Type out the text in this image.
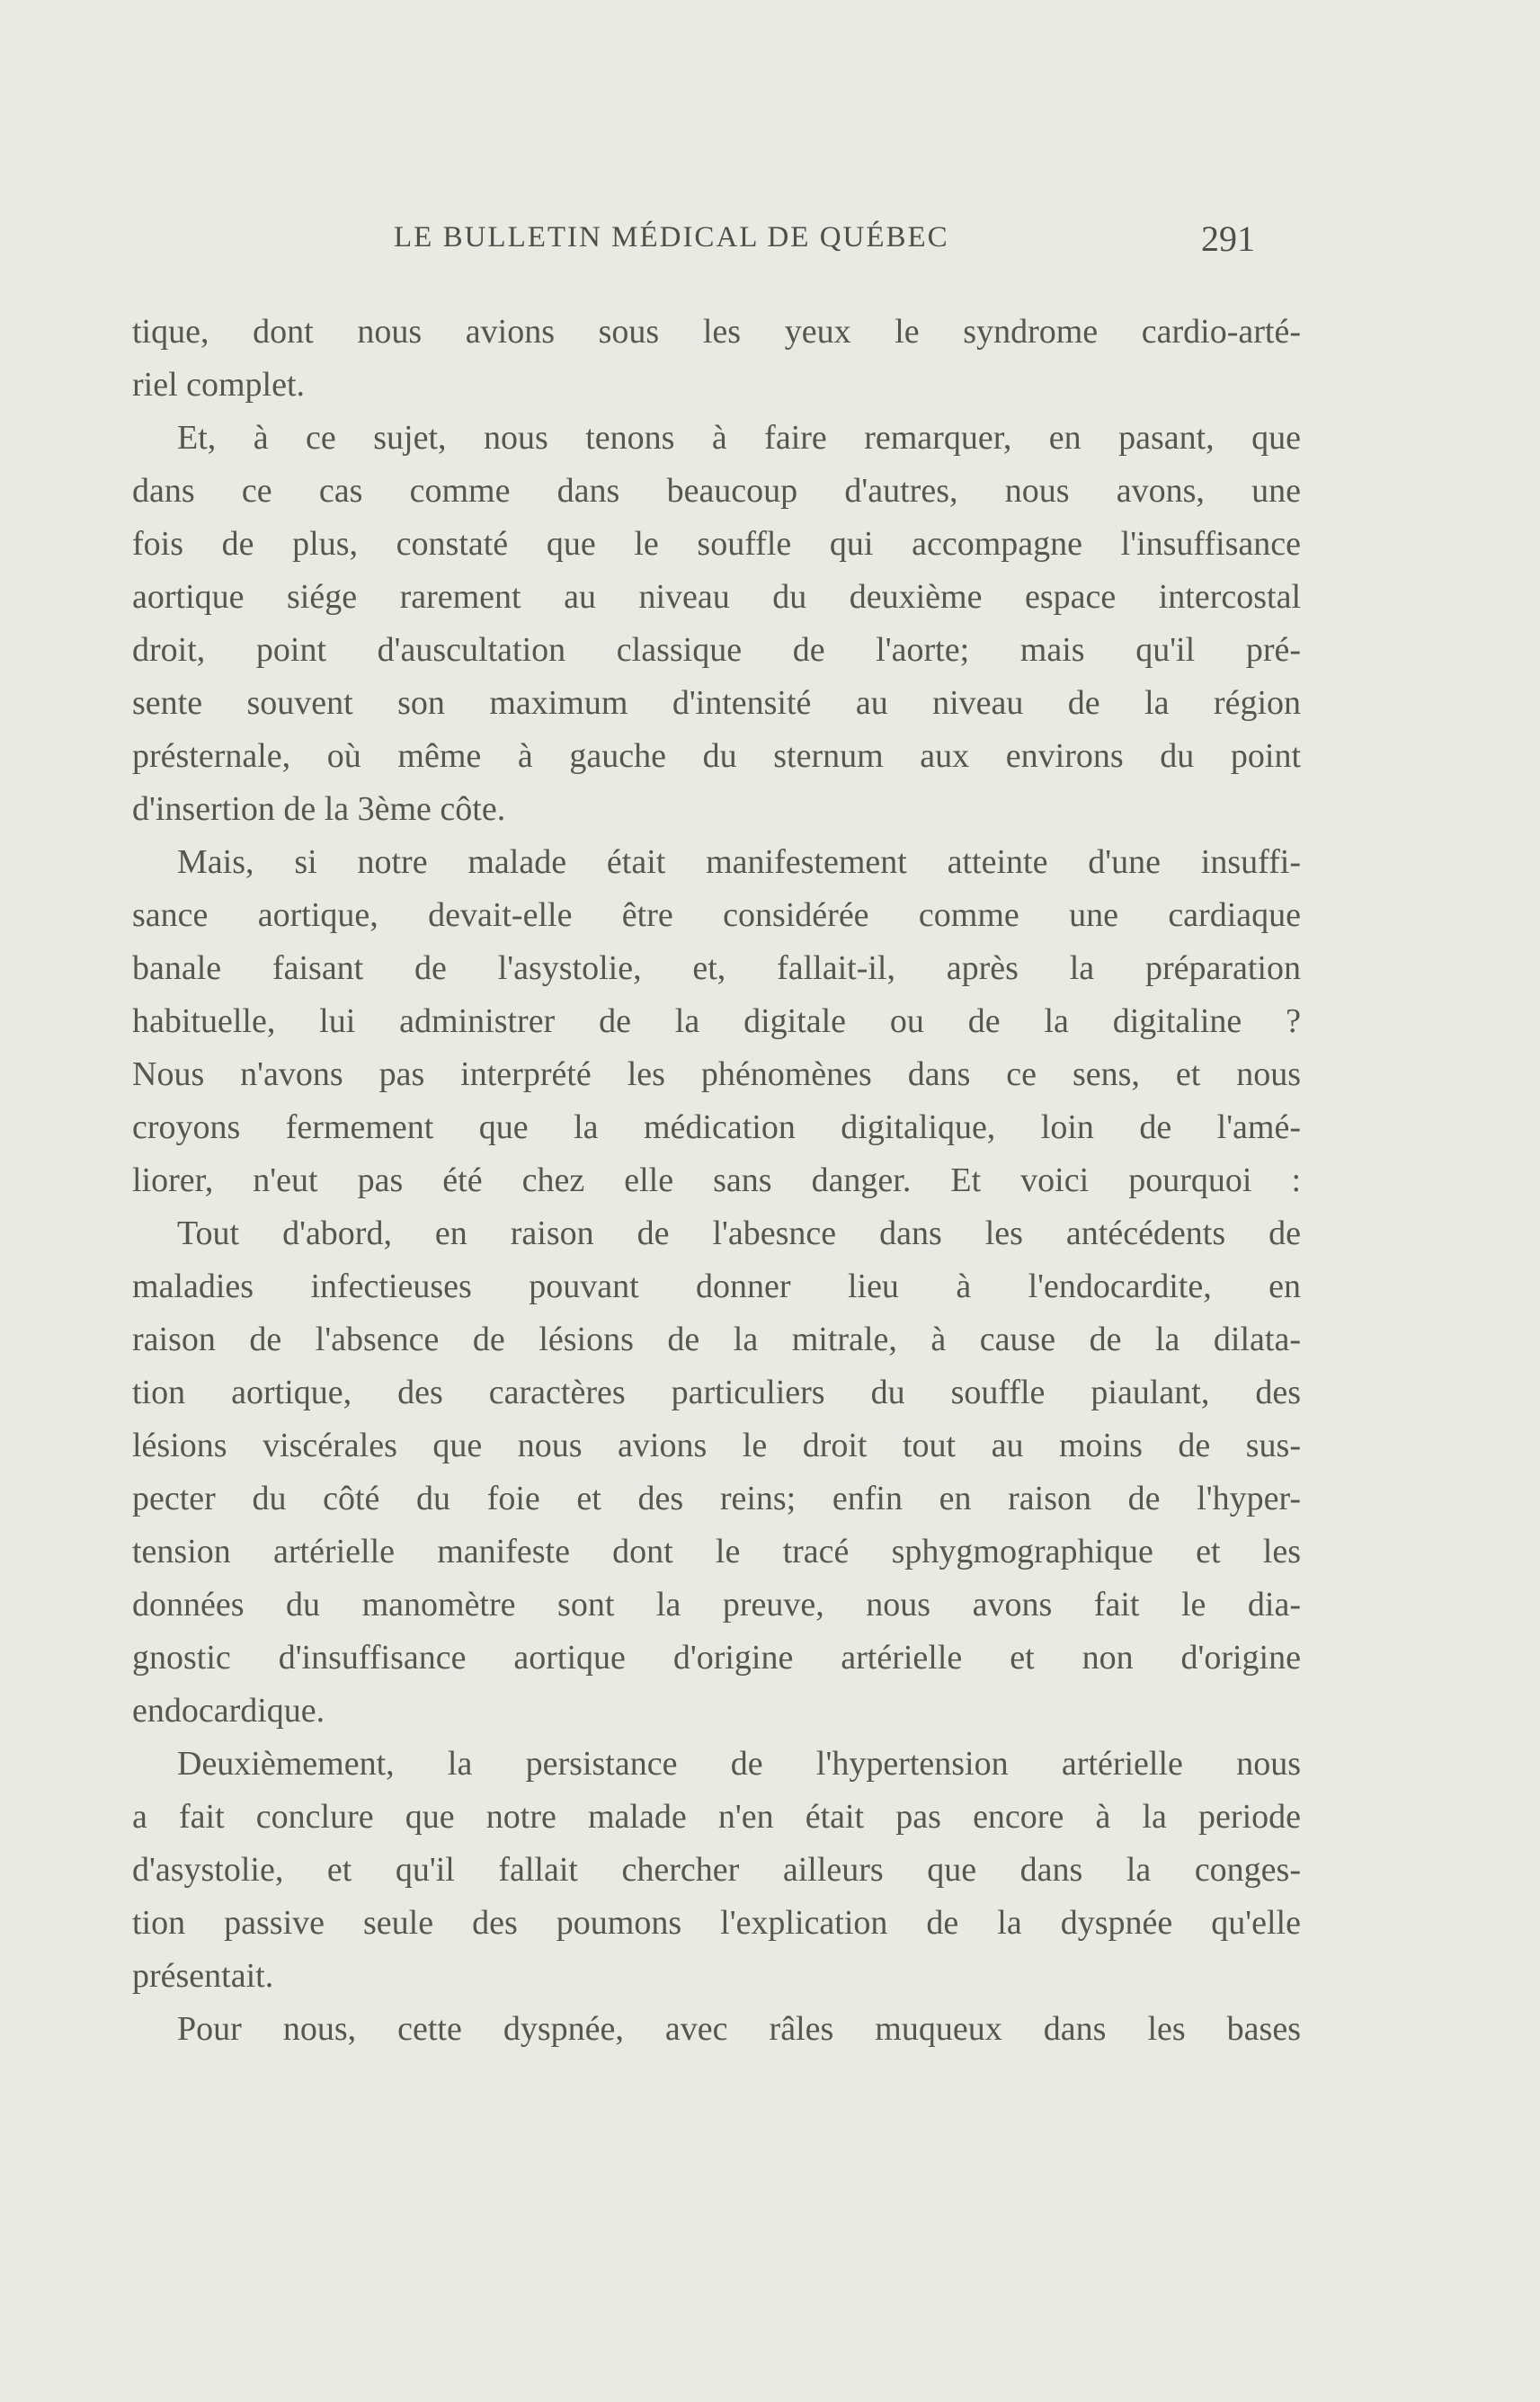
LE BULLETIN MÉDICAL DE QUÉBEC	291
tique, dont nous avions sous les yeux le syndrome cardio-arté-
riel complet.
Et, à ce sujet, nous tenons à faire remarquer, en pasant, que
dans ce cas comme dans beaucoup d'autres, nous avons, une
fois de plus, constaté que le souffle qui accompagne l'insuffisance
aortique siége rarement au niveau du deuxième espace intercostal
droit, point d'auscultation classique de l'aorte; mais qu'il pré-
sente souvent son maximum d'intensité au niveau de la région
présternale, où même à gauche du sternum aux environs du point
d'insertion de la 3ème côte.
Mais, si notre malade était manifestement atteinte d'une insuffi-
sance aortique, devait-elle être considérée comme une cardiaque
banale faisant de l'asystolie, et, fallait-il, après la préparation
habituelle, lui administrer de la digitale ou de la digitaline ?
Nous n'avons pas interprété les phénomènes dans ce sens, et nous
croyons fermement que la médication digitalique, loin de l'amé-
liorer, n'eut pas été chez elle sans danger. Et voici pourquoi :
Tout d'abord, en raison de l'abesnce dans les antécédents de
maladies infectieuses pouvant donner lieu à l'endocardite, en
raison de l'absence de lésions de la mitrale, à cause de la dilata-
tion aortique, des caractères particuliers du souffle piaulant, des
lésions viscérales que nous avions le droit tout au moins de sus-
pecter du côté du foie et des reins; enfin en raison de l'hyper-
tension artérielle manifeste dont le tracé sphygmographique et les
données du manomètre sont la preuve, nous avons fait le dia-
gnostic d'insuffisance aortique d'origine artérielle et non d'origine
endocardique.
Deuxièmement, la persistance de l'hypertension artérielle nous
a fait conclure que notre malade n'en était pas encore à la periode
d'asystolie, et qu'il fallait chercher ailleurs que dans la conges-
tion passive seule des poumons l'explication de la dyspnée qu'elle
présentait.
Pour nous, cette dyspnée, avec râles muqueux dans les bases
